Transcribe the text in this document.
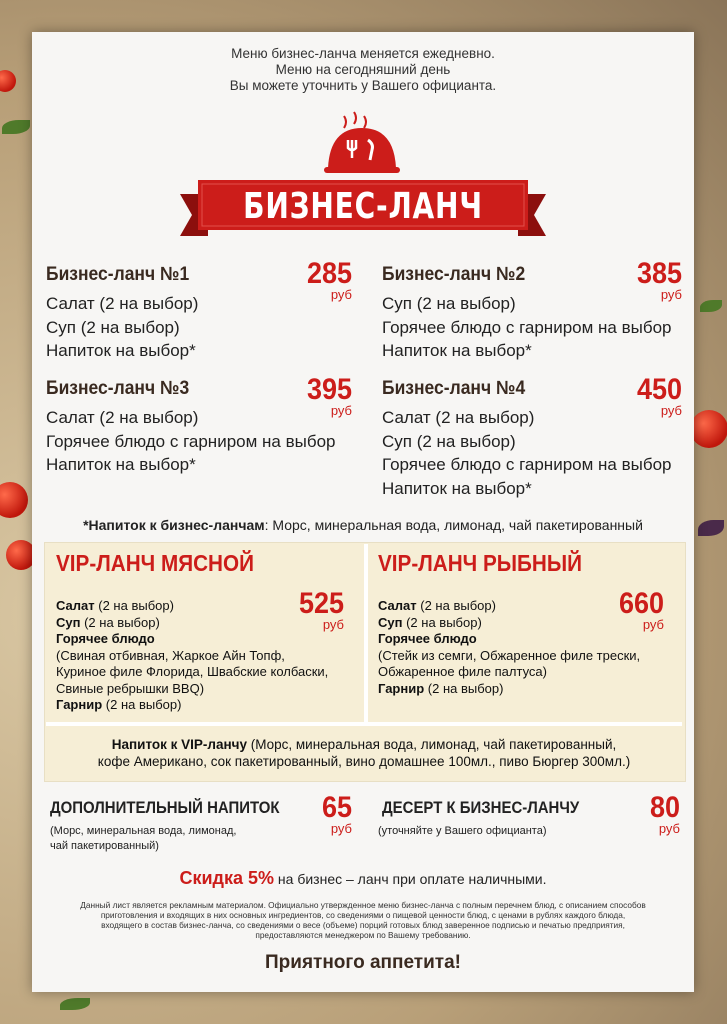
Меню бизнес-ланча меняется ежедневно.
Меню на сегодняшний день
Вы можете уточнить у Вашего официанта.
БИЗНЕС-ЛАНЧ
Бизнес-ланч №1
Салат (2 на выбор)
Суп (2 на выбор)
Напиток на выбор*
285
руб
Бизнес-ланч №2
Суп (2 на выбор)
Горячее блюдо с гарниром на выбор
Напиток на выбор*
385
руб
Бизнес-ланч №3
Салат (2 на выбор)
Горячее блюдо с гарниром на выбор
Напиток на выбор*
395
руб
Бизнес-ланч №4
Салат (2 на выбор)
Суп (2 на выбор)
Горячее блюдо с гарниром на выбор
Напиток на выбор*
450
руб
*Напиток к бизнес-ланчам: Морс, минеральная вода, лимонад, чай пакетированный
VIP-ЛАНЧ МЯСНОЙ
Салат (2 на выбор)
Суп (2 на выбор)
Горячее блюдо
(Свиная отбивная, Жаркое Айн Топф,
Куриное филе Флорида, Швабские колбаски,
Свиные ребрышки BBQ)
Гарнир (2 на выбор)
525
руб
VIP-ЛАНЧ РЫБНЫЙ
Салат (2 на выбор)
Суп (2 на выбор)
Горячее блюдо
(Стейк из семги, Обжаренное филе трески,
Обжаренное филе палтуса)
Гарнир (2 на выбор)
660
руб
Напиток к VIP-ланчу (Морс, минеральная вода, лимонад, чай пакетированный,
кофе Американо, сок пакетированный, вино домашнее 100мл., пиво Бюргер 300мл.)
ДОПОЛНИТЕЛЬНЫЙ НАПИТОК
(Морс, минеральная вода, лимонад,
чай пакетированный)
65
руб
ДЕСЕРТ К БИЗНЕС-ЛАНЧУ
(уточняйте у Вашего официанта)
80
руб
Скидка 5% на бизнес – ланч при оплате наличными.
Данный лист является рекламным материалом. Официально утвержденное меню бизнес-ланча с полным перечнем блюд, с описанием способов
приготовления и входящих в них основных ингредиентов, со сведениями о пищевой ценности блюд, с ценами в рублях каждого блюда,
входящего в состав бизнес-ланча, со сведениями о весе (объеме) порций готовых блюд заверенное подписью и печатью предприятия,
предоставляются менеджером по Вашему требованию.
Приятного аппетита!
